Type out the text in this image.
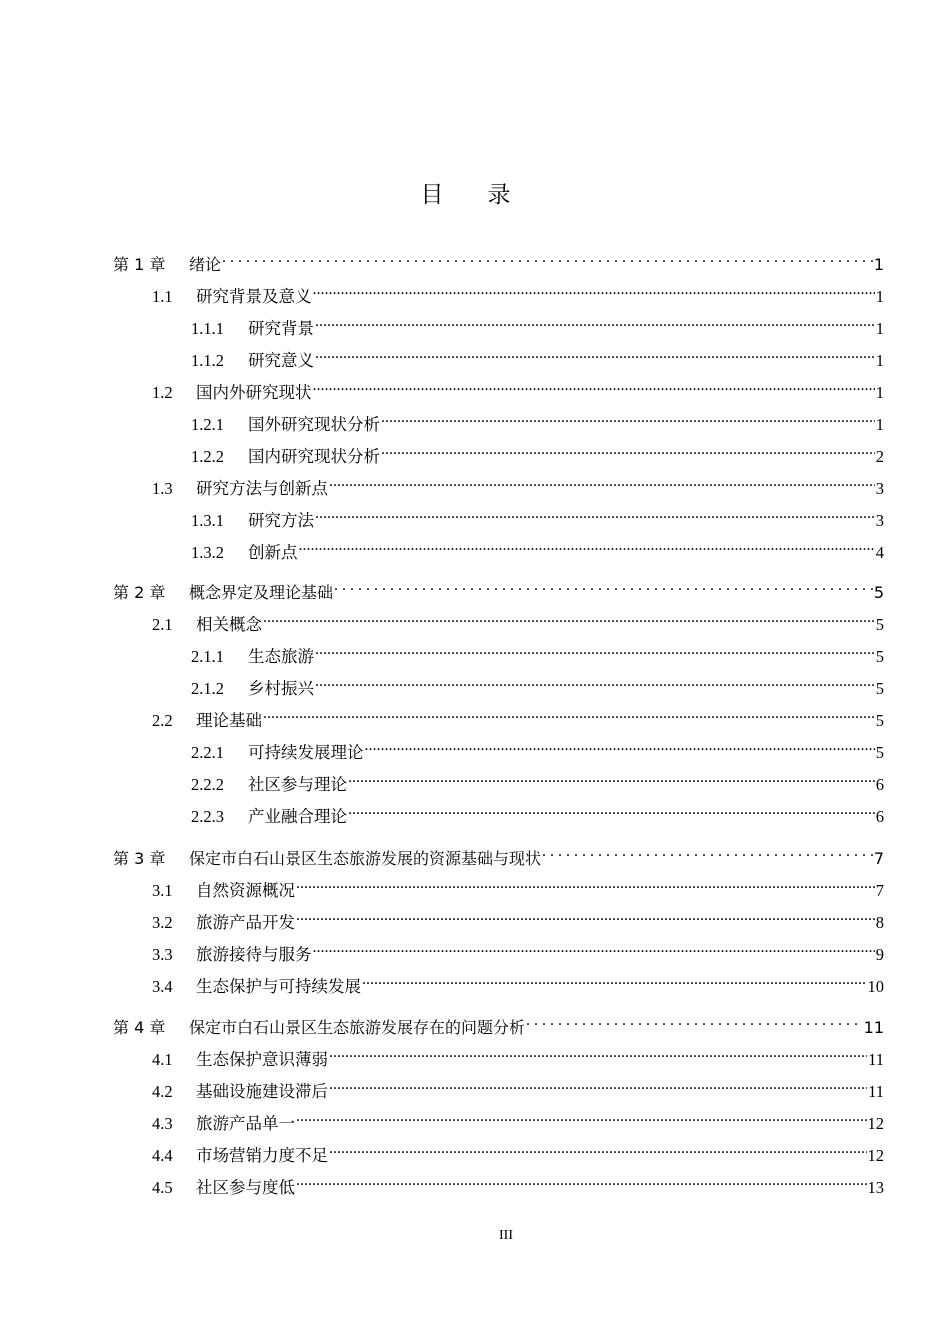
目录
第 1 章	绪论 . . .	1
1.1	研究背景及意义 .....	1
1.1.1	研究背景 .....	1
1.1.2	研究意义 .....	1
1.2	国内外研究现状 .....	1
1.2.1	国外研究现状分析 .....	1
1.2.2	国内研究现状分析 .....	2
1.3	研究方法与创新点 .....	3
1.3.1	研究方法 .....	3
1.3.2	创新点 .....	4
第 2 章	概念界定及理论基础 . . .	5
2.1	相关概念 .....	5
2.1.1	生态旅游 .....	5
2.1.2	乡村振兴 .....	5
2.2	理论基础 .....	5
2.2.1	可持续发展理论 .....	5
2.2.2	社区参与理论 .....	6
2.2.3	产业融合理论 .....	6
第 3 章	保定市白石山景区生态旅游发展的资源基础与现状 . . .	7
3.1	自然资源概况 .....	7
3.2	旅游产品开发 .....	8
3.3	旅游接待与服务 .....	9
3.4	生态保护与可持续发展 .....	10
第 4 章	保定市白石山景区生态旅游发展存在的问题分析 . . .	11
4.1	生态保护意识薄弱 .....	11
4.2	基础设施建设滞后 .....	11
4.3	旅游产品单一 .....	12
4.4	市场营销力度不足 .....	12
4.5	社区参与度低 .....	13
III
